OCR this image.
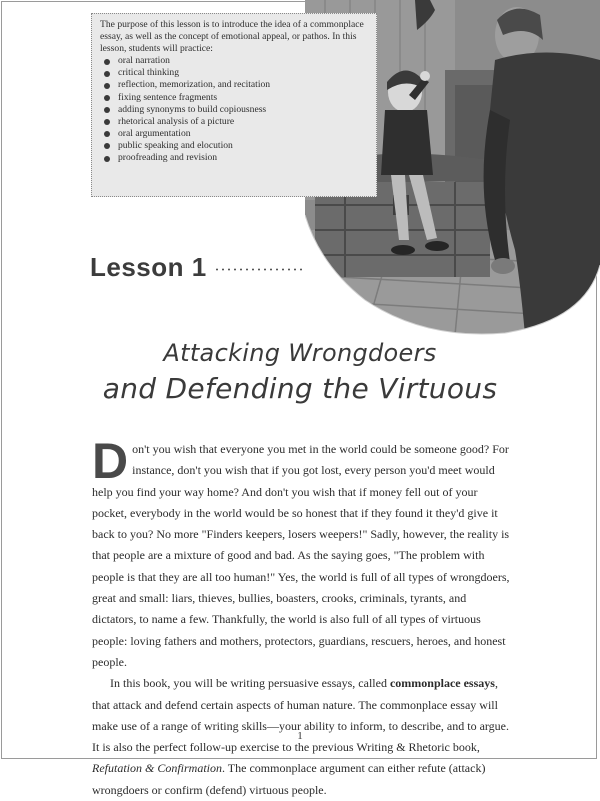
The purpose of this lesson is to introduce the idea of a commonplace essay, as well as the concept of emotional appeal, or pathos. In this lesson, students will practice:

oral narration
critical thinking
reflection, memorization, and recitation
fixing sentence fragments
adding synonyms to build copiousness
rhetorical analysis of a picture
oral argumentation
public speaking and elocution
proofreading and revision
Lesson 1
Attacking Wrongdoers
and Defending the Virtuous

Don't you wish that everyone you met in the world could be someone good? For instance, don't you wish that if you got lost, every person you'd meet would help you find your way home? And don't you wish that if money fell out of your pocket, everybody in the world would be so honest that if they found it they'd give it back to you? No more "Finders keepers, losers weepers!" Sadly, however, the reality is that people are a mixture of good and bad. As the saying goes, "The problem with people is that they are all too human!" Yes, the world is full of all types of wrongdoers, great and small: liars, thieves, bullies, boasters, crooks, criminals, tyrants, and dictators, to name a few. Thankfully, the world is also full of all types of virtuous people: loving fathers and mothers, protectors, guardians, rescuers, heroes, and honest people.

In this book, you will be writing persuasive essays, called commonplace essays, that attack and defend certain aspects of human nature. The commonplace essay will make use of a range of writing skills—your ability to inform, to describe, and to argue. It is also the perfect follow-up exercise to the previous Writing & Rhetoric book, Refutation & Confirmation. The commonplace argument can either refute (attack) wrongdoers or confirm (defend) virtuous people.

1
